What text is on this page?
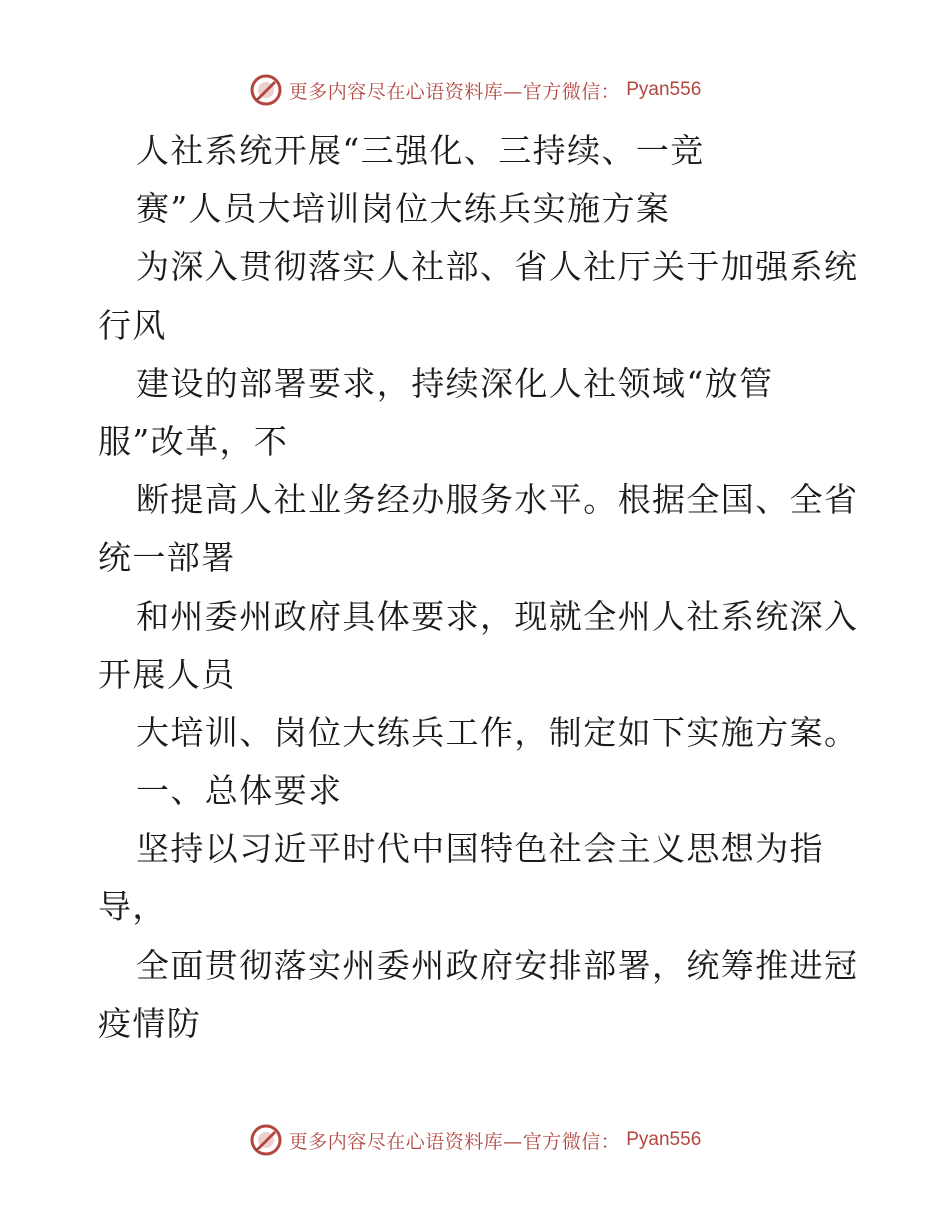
更多内容尽在心语资料库—官方微信： Pyan556
人社系统开展“三强化、三持续、一竞
赛”人员大培训岗位大练兵实施方案
为深入贯彻落实人社部、省人社厅关于加强系统
行风
建设的部署要求，持续深化人社领域“放管
服”改革，不
断提高人社业务经办服务水平。根据全国、全省
统一部署
和州委州政府具体要求，现就全州人社系统深入
开展人员
大培训、岗位大练兵工作，制定如下实施方案。
一、总体要求
坚持以习近平时代中国特色社会主义思想为指
导，
全面贯彻落实州委州政府安排部署，统筹推进冠
疫情防
更多内容尽在心语资料库—官方微信： Pyan556
